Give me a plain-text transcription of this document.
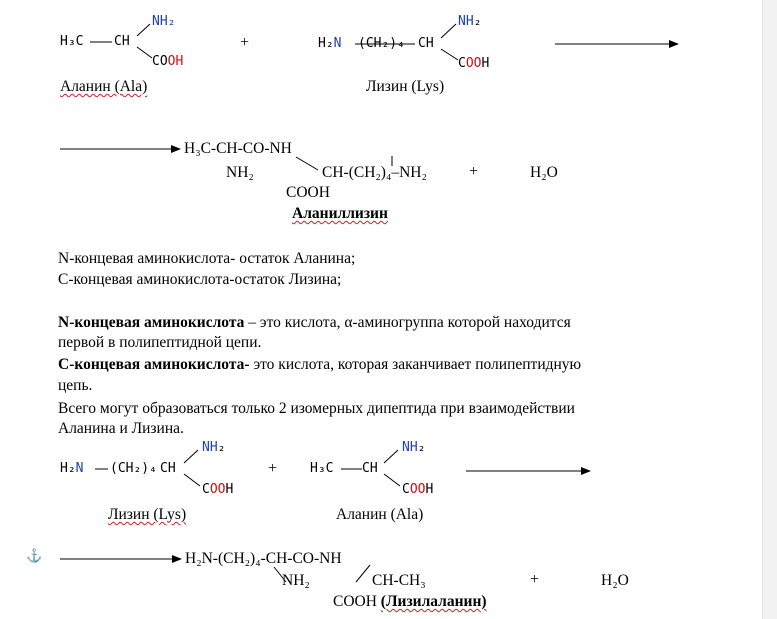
H₃C CH
NH₂
COOH
+	H₂N (CH₂)₄ CH
NH₂
COOH
Аланин (Ala)	Лизин (Lys)
H₃C-CH-CO-NH
NH₂	CH-(CH₂)₄–NH₂
COOH
+	H₂O
Аланиллизин
N-концевая аминокислота- остаток Аланина;
С-концевая аминокислота-остаток Лизина;
N-концевая аминокислота – это кислота, α-аминогруппа которой находится
первой в полипептидной цепи.
С-концевая аминокислота- это кислота, которая заканчивает полипептидную
цепь.
Всего могут образоваться только 2 изомерных дипептида при взаимодействии
Аланина и Лизина.
H₂N (CH₂)₄ CH
NH₂
COOH
+	H₃C CH
NH₂
COOH
Лизин (Lys)	Аланин (Ala)
⚓	H₂N-(CH₂)₄-CH-CO-NH
NH₂	CH-CH₃	+	H₂O
COOH (Лизилаланин)
